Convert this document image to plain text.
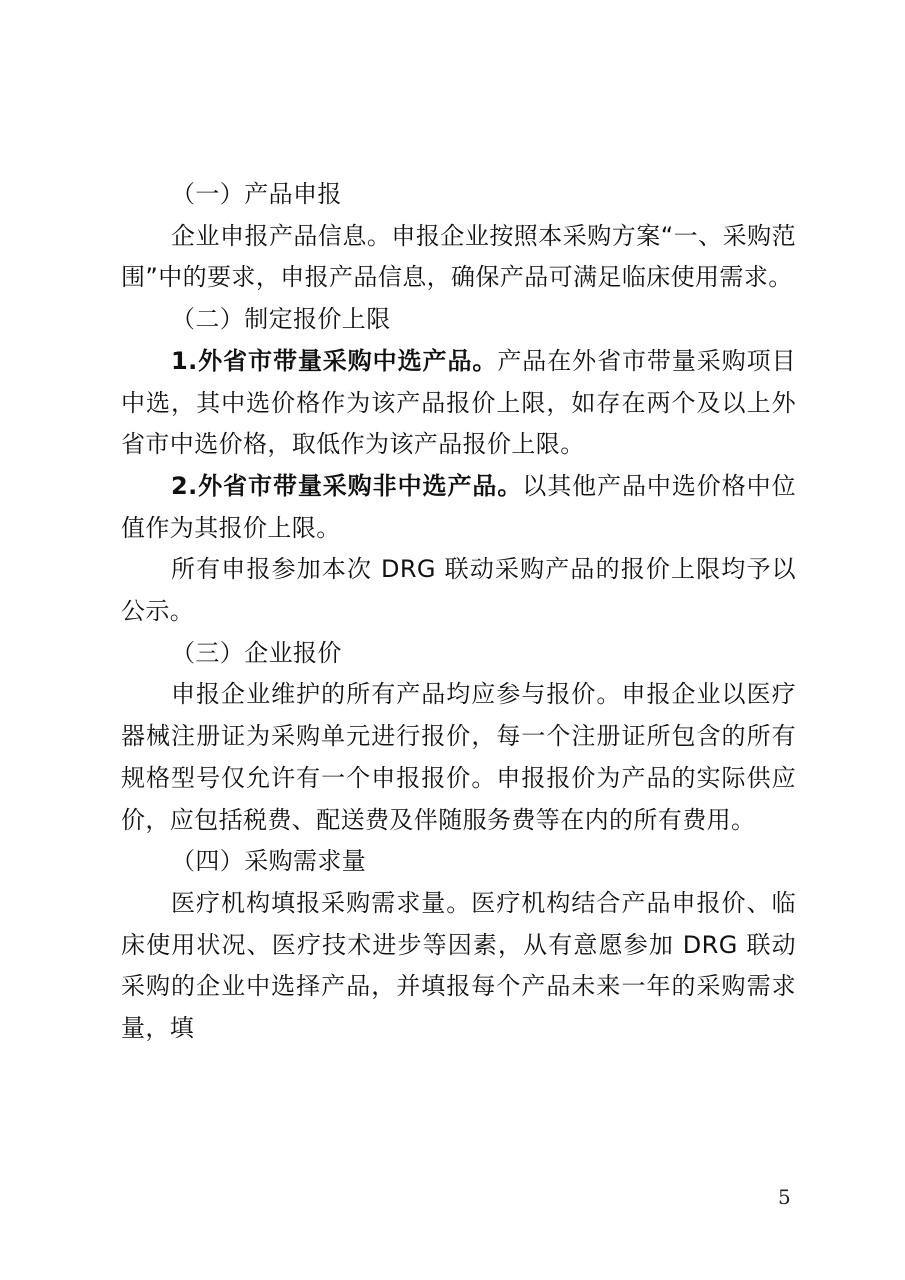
（一）产品申报

企业申报产品信息。申报企业按照本采购方案“一、采购范围”中的要求，申报产品信息，确保产品可满足临床使用需求。

（二）制定报价上限

1.外省市带量采购中选产品。产品在外省市带量采购项目中选，其中选价格作为该产品报价上限，如存在两个及以上外省市中选价格，取低作为该产品报价上限。

2.外省市带量采购非中选产品。以其他产品中选价格中位值作为其报价上限。

所有申报参加本次 DRG 联动采购产品的报价上限均予以公示。

（三）企业报价

申报企业维护的所有产品均应参与报价。申报企业以医疗器械注册证为采购单元进行报价，每一个注册证所包含的所有规格型号仅允许有一个申报报价。申报报价为产品的实际供应价，应包括税费、配送费及伴随服务费等在内的所有费用。

（四）采购需求量

医疗机构填报采购需求量。医疗机构结合产品申报价、临床使用状况、医疗技术进步等因素，从有意愿参加 DRG 联动采购的企业中选择产品，并填报每个产品未来一年的采购需求量，填

5
